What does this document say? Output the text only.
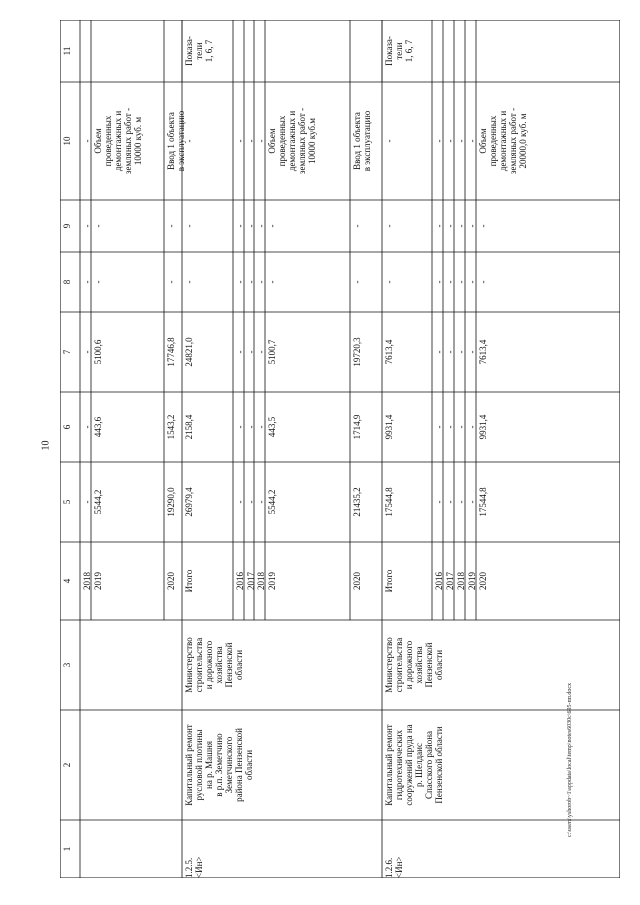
10
1
2
3
4
5
6
7
8
9
10
11
-
-
-
-
-
-
2018
Объем
проведенных
демонтажных и
земляных работ -
10000 куб. м
-
-
5100,6
443,6
5544,2
2019
Ввод 1 объекта
в эксплуатацию
-
-
17746,8
1543,2
19290,0
2020
1.2.5.
<Ин>
Капитальный ремонт
русловой плотины
на р. Машня
в р.п. Земетчино
Земeтчинского
района Пензенской
области
Министерство
строительства
и дорожного
хозяйства
Пензенской
области
Показа-
тели
1, 6, 7
-
-
-
24821,0
2158,4
26979,4
Итого
-
-
-
-
-
-
2016
-
-
-
-
-
-
2017
-
-
-
-
-
-
2018
Объем
проведенных
демонтажных и
земляных работ -
10000 куб.м
-
-
5100,7
443,5
5544,2
2019
Ввод 1 объекта
в эксплуатацию
-
-
19720,3
1714,9
21435,2
2020
1.2.6.
<Ин>
Капитальный ремонт
гидротехнических
сооружений пруда на
р. Шелдаис
Спасского района
Пензенской области
Министерство
строительства
и дорожного
хозяйства
Пензенской
области
Показа-
тели
1, 6, 7
-
-
-
7613,4
9931,4
17544,8
Итого
-
-
-
-
-
-
2016
-
-
-
-
-
-
2017
-
-
-
-
-
-
2018
-
-
-
-
-
-
2019
Объем
проведенных
демонтажных и
земляных работ -
20000,0 куб. м
-
-
7613,4
9931,4
17544,8
2020
c:\users\yshorob~1\appdata\local\temp\notes6030c\695-пп.docx
